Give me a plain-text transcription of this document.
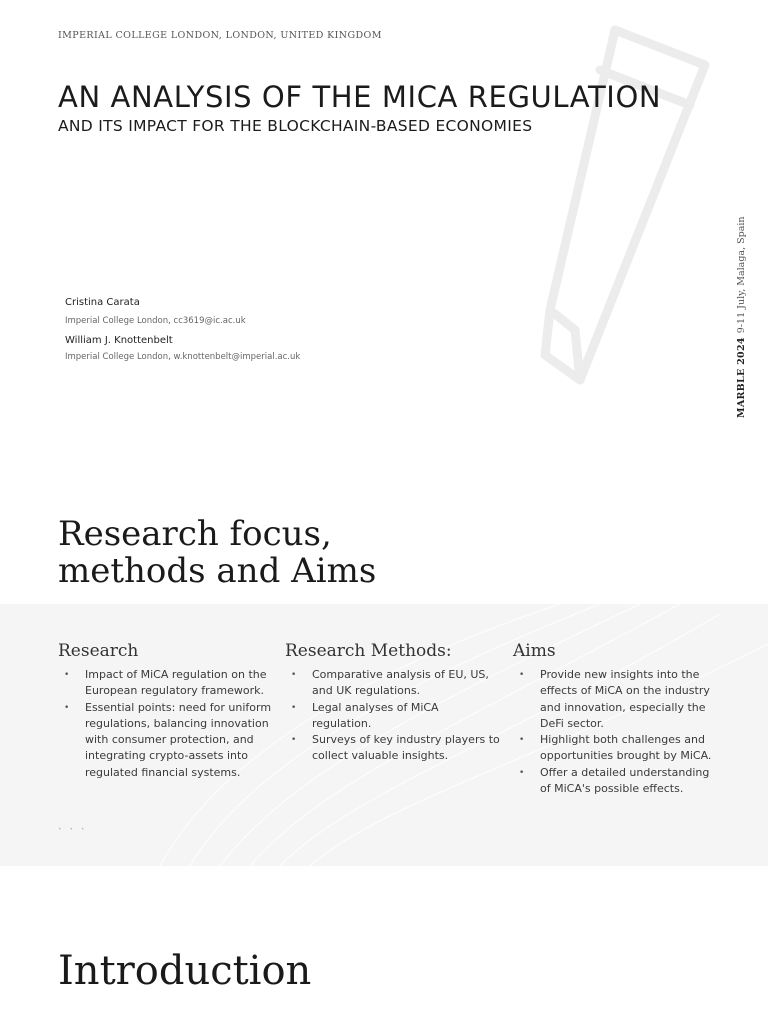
IMPERIAL COLLEGE LONDON, LONDON, UNITED KINGDOM
AN ANALYSIS OF THE MICA REGULATION
AND ITS IMPACT FOR THE BLOCKCHAIN-BASED ECONOMIES
Cristina Carata
Imperial College London, cc3619@ic.ac.uk
William J. Knottenbelt
Imperial College London, w.knottenbelt@imperial.ac.uk	MARBLE 20249-11 July, Malaga, Spain
Research focus,
methods and Aims
• • •
Research
• Impact of MiCA regulation on the European regulatory framework.
• Essential points: need for uniform regulations, balancing innovation with consumer protection, and integrating crypto-assets into regulated financial systems.
Research Methods:
• Comparative analysis of EU, US, and UK regulations.
• Legal analyses of MiCA regulation.
• Surveys of key industry players to collect valuable insights.
Aims
• Provide new insights into the effects of MiCA on the industry and innovation, especially the DeFi sector.
• Highlight both challenges and opportunities brought by MiCA.
• Offer a detailed understanding of MiCA's possible effects.
Introduction
